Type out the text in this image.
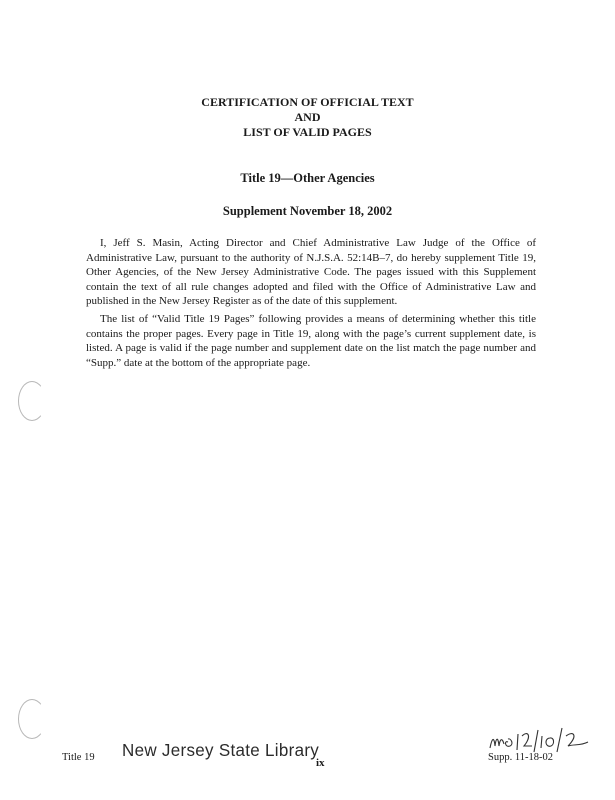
CERTIFICATION OF OFFICIAL TEXT
AND
LIST OF VALID PAGES
Title 19—Other Agencies
Supplement November 18, 2002

I, Jeff S. Masin, Acting Director and Chief Administrative Law Judge of the Office of Administrative Law, pursuant to the authority of N.J.S.A. 52:14B–7, do hereby supplement Title 19, Other Agencies, of the New Jersey Administrative Code. The pages issued with this Supplement contain the text of all rule changes adopted and filed with the Office of Administrative Law and published in the New Jersey Register as of the date of this supplement.

The list of “Valid Title 19 Pages” following provides a means of determining whether this title contains the proper pages. Every page in Title 19, along with the page’s current supplement date, is listed. A page is valid if the page number and supplement date on the list match the page number and “Supp.” date at the bottom of the appropriate page.

Title 19 New Jersey State Library
ix	Supp. 11-18-02
